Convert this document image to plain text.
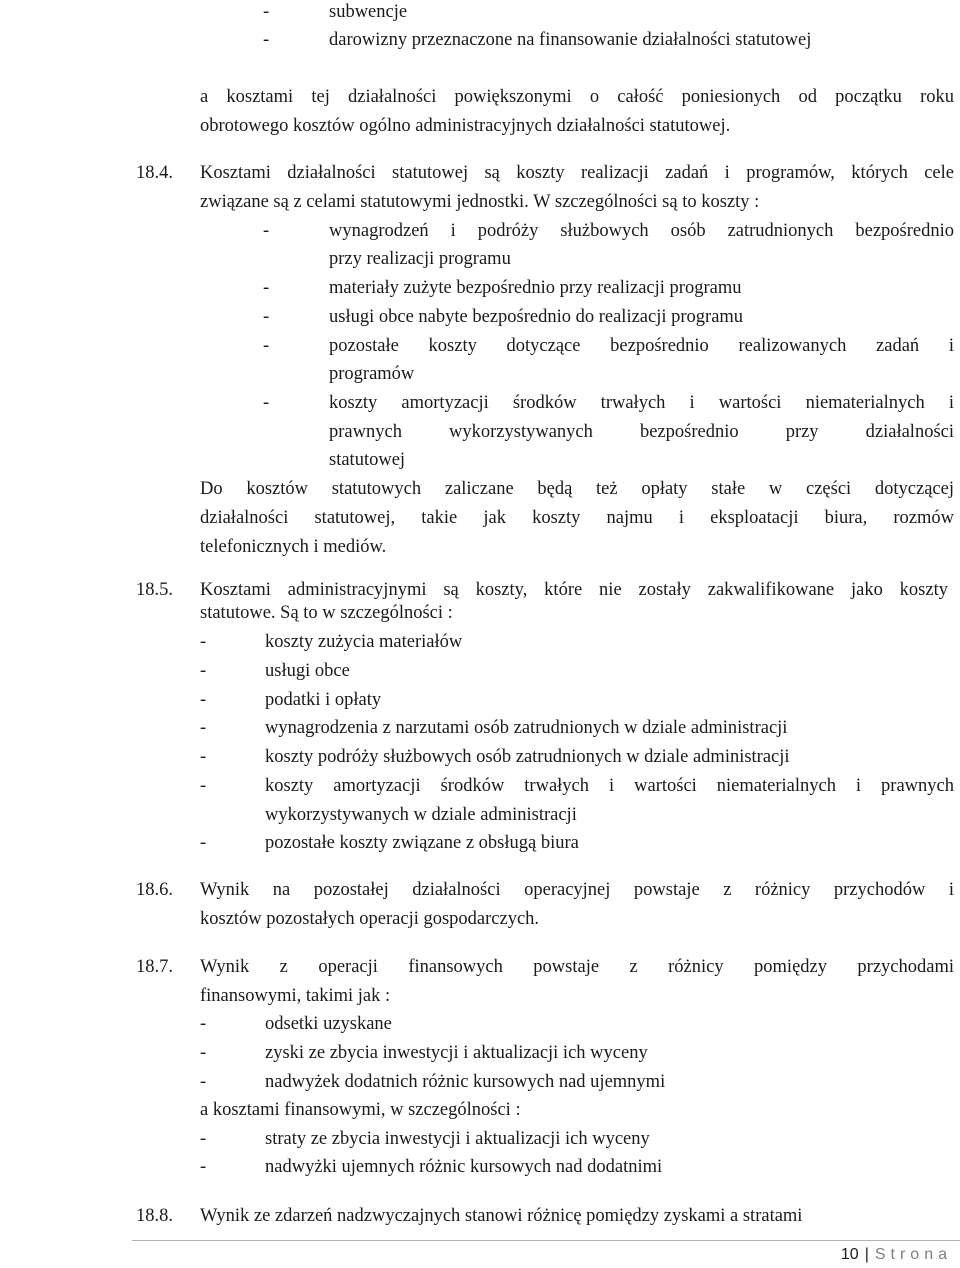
-	subwencje
-	darowizny przeznaczone na finansowanie działalności statutowej
a kosztami tej działalności powiększonymi o całość poniesionych od początku roku
obrotowego kosztów ogólno administracyjnych działalności statutowej.
18.4. Kosztami działalności statutowej są koszty realizacji zadań i programów, których cele
związane są z celami statutowymi jednostki. W szczególności są to koszty :
-	wynagrodzeń i podróży służbowych osób zatrudnionych bezpośrednio
przy realizacji programu
-	materiały zużyte bezpośrednio przy realizacji programu
-	usługi obce nabyte bezpośrednio do realizacji programu
-	pozostałe koszty dotyczące bezpośrednio realizowanych zadań i
programów
-	koszty amortyzacji środków trwałych i wartości niematerialnych i
prawnych wykorzystywanych bezpośrednio przy działalności
statutowej
Do kosztów statutowych zaliczane będą też opłaty stałe w części dotyczącej
działalności statutowej, takie jak koszty najmu i eksploatacji biura, rozmów
telefonicznych i mediów.
18.5. Kosztami administracyjnymi są koszty, które nie zostały zakwalifikowane jako koszty
statutowe. Są to w szczególności :
-	koszty zużycia materiałów
-	usługi obce
-	podatki i opłaty
-	wynagrodzenia z narzutami osób zatrudnionych w dziale administracji
-	koszty podróży służbowych osób zatrudnionych w dziale administracji
-	koszty amortyzacji środków trwałych i wartości niematerialnych i prawnych
wykorzystywanych w dziale administracji
-	pozostałe koszty związane z obsługą biura
18.6. Wynik na pozostałej działalności operacyjnej powstaje z różnicy przychodów i
kosztów pozostałych operacji gospodarczych.
18.7. Wynik z operacji finansowych powstaje z różnicy pomiędzy przychodami
finansowymi, takimi jak :
-	odsetki uzyskane
-	zyski ze zbycia inwestycji i aktualizacji ich wyceny
-	nadwyżek dodatnich różnic kursowych nad ujemnymi
a kosztami finansowymi, w szczególności :
-	straty ze zbycia inwestycji i aktualizacji ich wyceny
-	nadwyżki ujemnych różnic kursowych nad dodatnimi
18.8. Wynik ze zdarzeń nadzwyczajnych stanowi różnicę pomiędzy zyskami a stratami
10 | Strona
